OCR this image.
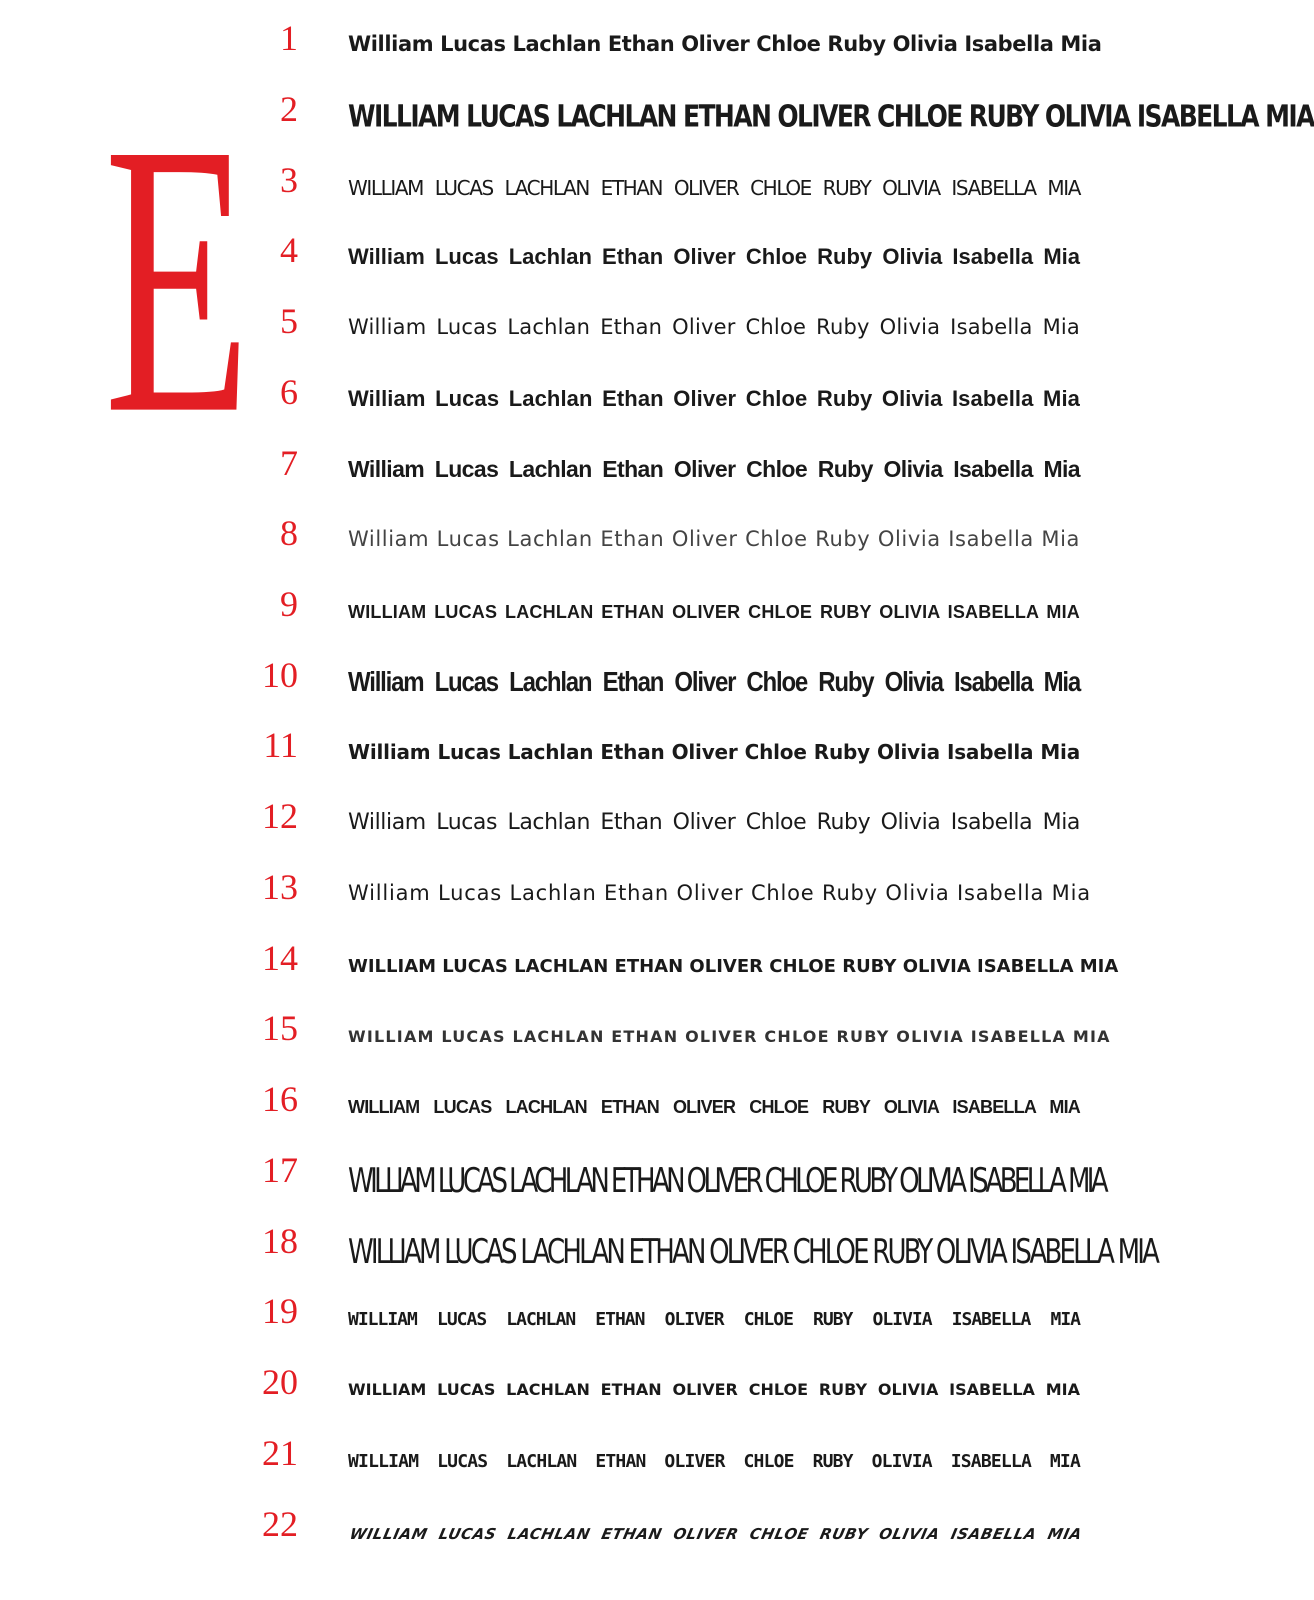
E
1 William Lucas Lachlan Ethan Oliver Chloe Ruby Olivia Isabella Mia
2 WILLIAM LUCAS LACHLAN ETHAN OLIVER CHLOE RUBY OLIVIA ISABELLA MIA
3	WILLIAM LUCAS LACHLAN ETHAN OLIVER CHLOE RUBY OLIVIA ISABELLA MIA
4 William Lucas Lachlan Ethan Oliver Chloe Ruby Olivia Isabella Mia
5 William Lucas Lachlan Ethan Oliver Chloe Ruby Olivia Isabella Mia
6 William Lucas Lachlan Ethan Oliver Chloe Ruby Olivia Isabella Mia
7 William Lucas Lachlan Ethan Oliver Chloe Ruby Olivia Isabella Mia
8 William Lucas Lachlan Ethan Oliver Chloe Ruby Olivia Isabella Mia
9	WILLIAM LUCAS LACHLAN ETHAN OLIVER CHLOE RUBY OLIVIA ISABELLA MIA
10 William Lucas Lachlan Ethan Oliver Chloe Ruby Olivia Isabella Mia
11	William Lucas Lachlan Ethan Oliver Chloe Ruby Olivia Isabella Mia
12 William Lucas Lachlan Ethan Oliver Chloe Ruby Olivia Isabella Mia
13 William Lucas Lachlan Ethan Oliver Chloe Ruby Olivia Isabella Mia
14	WILLIAM LUCAS LACHLAN ETHAN OLIVER CHLOE RUBY OLIVIA ISABELLA MIA
15	WILLIAM LUCAS LACHLAN ETHAN OLIVER CHLOE RUBY OLIVIA ISABELLA MIA
16	WILLIAM LUCAS LACHLAN ETHAN OLIVER CHLOE RUBY OLIVIA ISABELLA MIA
17 WILLIAM LUCAS LACHLAN ETHAN OLIVER CHLOE RUBY OLIVIA ISABELLA MIA
18 WILLIAM LUCAS LACHLAN ETHAN OLIVER CHLOE RUBY OLIVIA ISABELLA MIA
19	WILLIAM LUCAS LACHLAN ETHAN OLIVER CHLOE RUBY OLIVIA ISABELLA MIA
20	WILLIAM LUCAS LACHLAN ETHAN OLIVER CHLOE RUBY OLIVIA ISABELLA MIA
21	WILLIAM LUCAS LACHLAN ETHAN OLIVER CHLOE RUBY OLIVIA ISABELLA MIA
22	WILLIAM LUCAS LACHLAN ETHAN OLIVER CHLOE RUBY OLIVIA ISABELLA MIA
